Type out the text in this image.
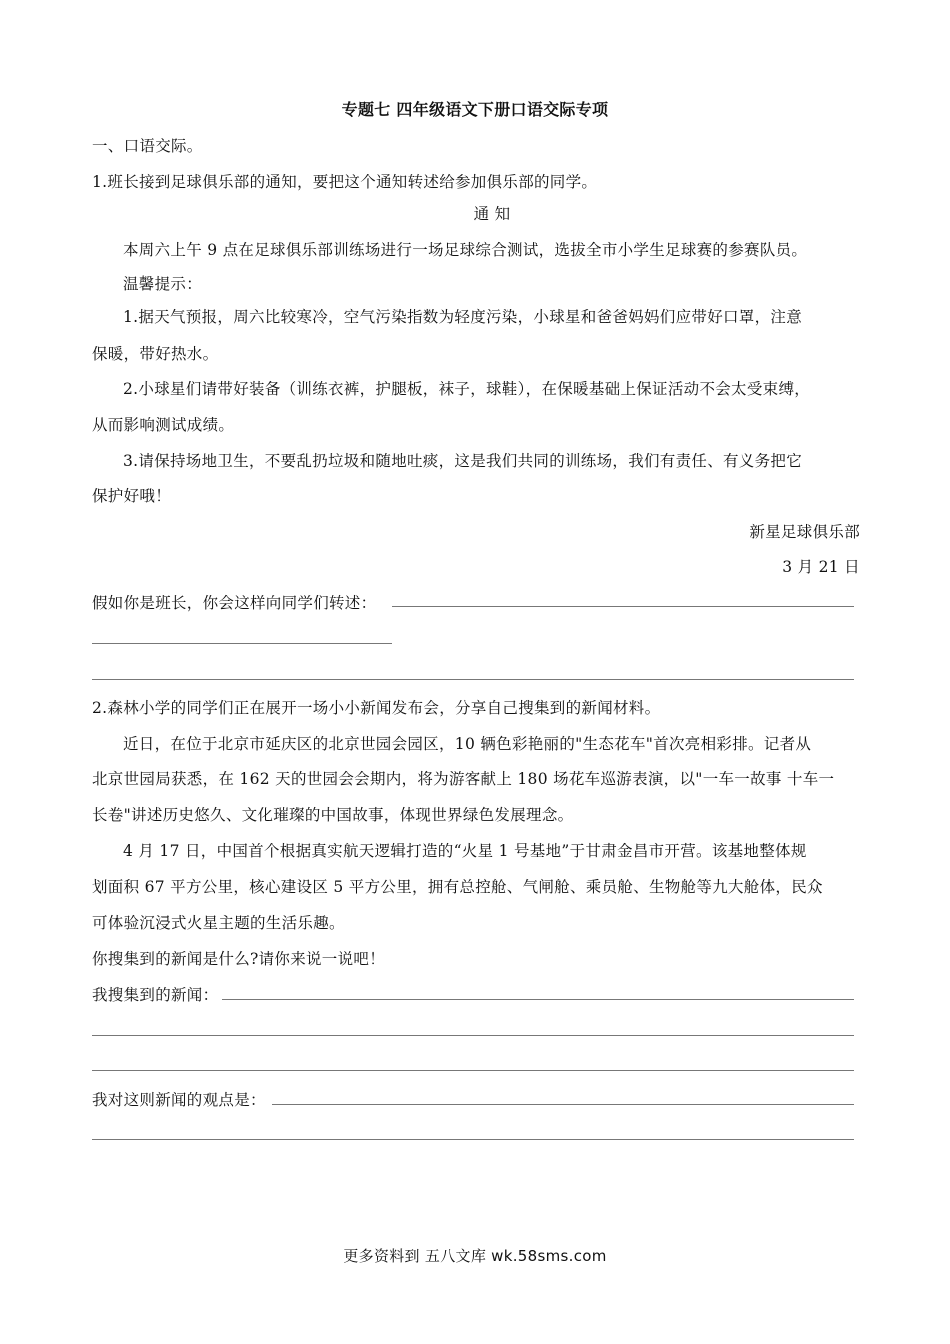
专题七 四年级语文下册口语交际专项
一、口语交际。
1.班长接到足球俱乐部的通知，要把这个通知转述给参加俱乐部的同学。
通 知
本周六上午 9 点在足球俱乐部训练场进行一场足球综合测试，选拔全市小学生足球赛的参赛队员。
温馨提示：
1.据天气预报，周六比较寒冷，空气污染指数为轻度污染，小球星和爸爸妈妈们应带好口罩，注意
保暖，带好热水。
2.小球星们请带好装备（训练衣裤，护腿板，袜子，球鞋），在保暖基础上保证活动不会太受束缚，
从而影响测试成绩。
3.请保持场地卫生，不要乱扔垃圾和随地吐痰，这是我们共同的训练场，我们有责任、有义务把它
保护好哦！
新星足球俱乐部
3 月 21 日
假如你是班长，你会这样向同学们转述：
2.森林小学的同学们正在展开一场小小新闻发布会，分享自己搜集到的新闻材料。
近日，在位于北京市延庆区的北京世园会园区，10 辆色彩艳丽的"生态花车"首次亮相彩排。记者从
北京世园局获悉，在 162 天的世园会会期内，将为游客献上 180 场花车巡游表演，以"一车一故事 十车一
长卷"讲述历史悠久、文化璀璨的中国故事，体现世界绿色发展理念。
4 月 17 日，中国首个根据真实航天逻辑打造的“火星 1 号基地”于甘肃金昌市开营。该基地整体规
划面积 67 平方公里，核心建设区 5 平方公里，拥有总控舱、气闸舱、乘员舱、生物舱等九大舱体，民众
可体验沉浸式火星主题的生活乐趣。
你搜集到的新闻是什么?请你来说一说吧！
我搜集到的新闻：
我对这则新闻的观点是：
更多资料到 五八文库 wk.58sms.com
